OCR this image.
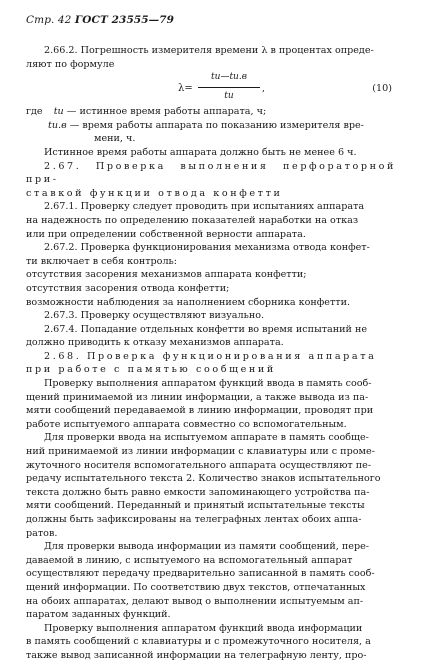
Стр. 42 ГОСТ 23555—79

2.66.2. Погрешность измерителя времени λ в процентах опреде-

ляют по формуле

λ=
tи—tи.в
tи
,	(10)

где tи — истинное время работы аппарата, ч;

tи.в — время работы аппарата по показанию измерителя вре-

мени, ч.

Истинное время работы аппарата должно быть не менее 6 ч.

2.67. Проверка выполнения перфораторной при-

ставкой функции отвода конфетти

2.67.1. Проверку следует проводить при испытаниях аппарата

на надежность по определению показателей наработки на отказ

или при определении собственной верности аппарата.

2.67.2. Проверка функционирования механизма отвода конфет-

ти включает в себя контроль:

отсутствия засорения механизмов аппарата конфетти;

отсутствия засорения отвода конфетти;

возможности наблюдения за наполнением сборника конфетти.

2.67.3. Проверку осуществляют визуально.

2.67.4. Попадание отдельных конфетти во время испытаний не

должно приводить к отказу механизмов аппарата.

2.68. Проверка функционирования аппарата

при работе с памятью сообщений

Проверку выполнения аппаратом функций ввода в память сооб-

щений принимаемой из линии информации, а также вывода из па-

мяти сообщений передаваемой в линию информации, проводят при

работе испытуемого аппарата совместно со вспомогательным.

Для проверки ввода на испытуемом аппарате в память сообще-

ний принимаемой из линии информации с клавиатуры или с проме-

жуточного носителя вспомогательного аппарата осуществляют пе-

редачу испытательного текста 2. Количество знаков испытательного

текста должно быть равно емкости запоминающего устройства па-

мяти сообщений. Переданный и принятый испытательные тексты

должны быть зафиксированы на телеграфных лентах обоих аппа-

ратов.

Для проверки вывода информации из памяти сообщений, пере-

даваемой в линию, с испытуемого на вспомогательный аппарат

осуществляют передачу предварительно записанной в память сооб-

щений информации. По соответствию двух текстов, отпечатанных

на обоих аппаратах, делают вывод о выполнении испытуемым ап-

паратом заданных функций.

Проверку выполнения аппаратом функций ввода информации

в память сообщений с клавиатуры и с промежуточного носителя, а

также вывод записанной информации на телеграфную ленту, про-
